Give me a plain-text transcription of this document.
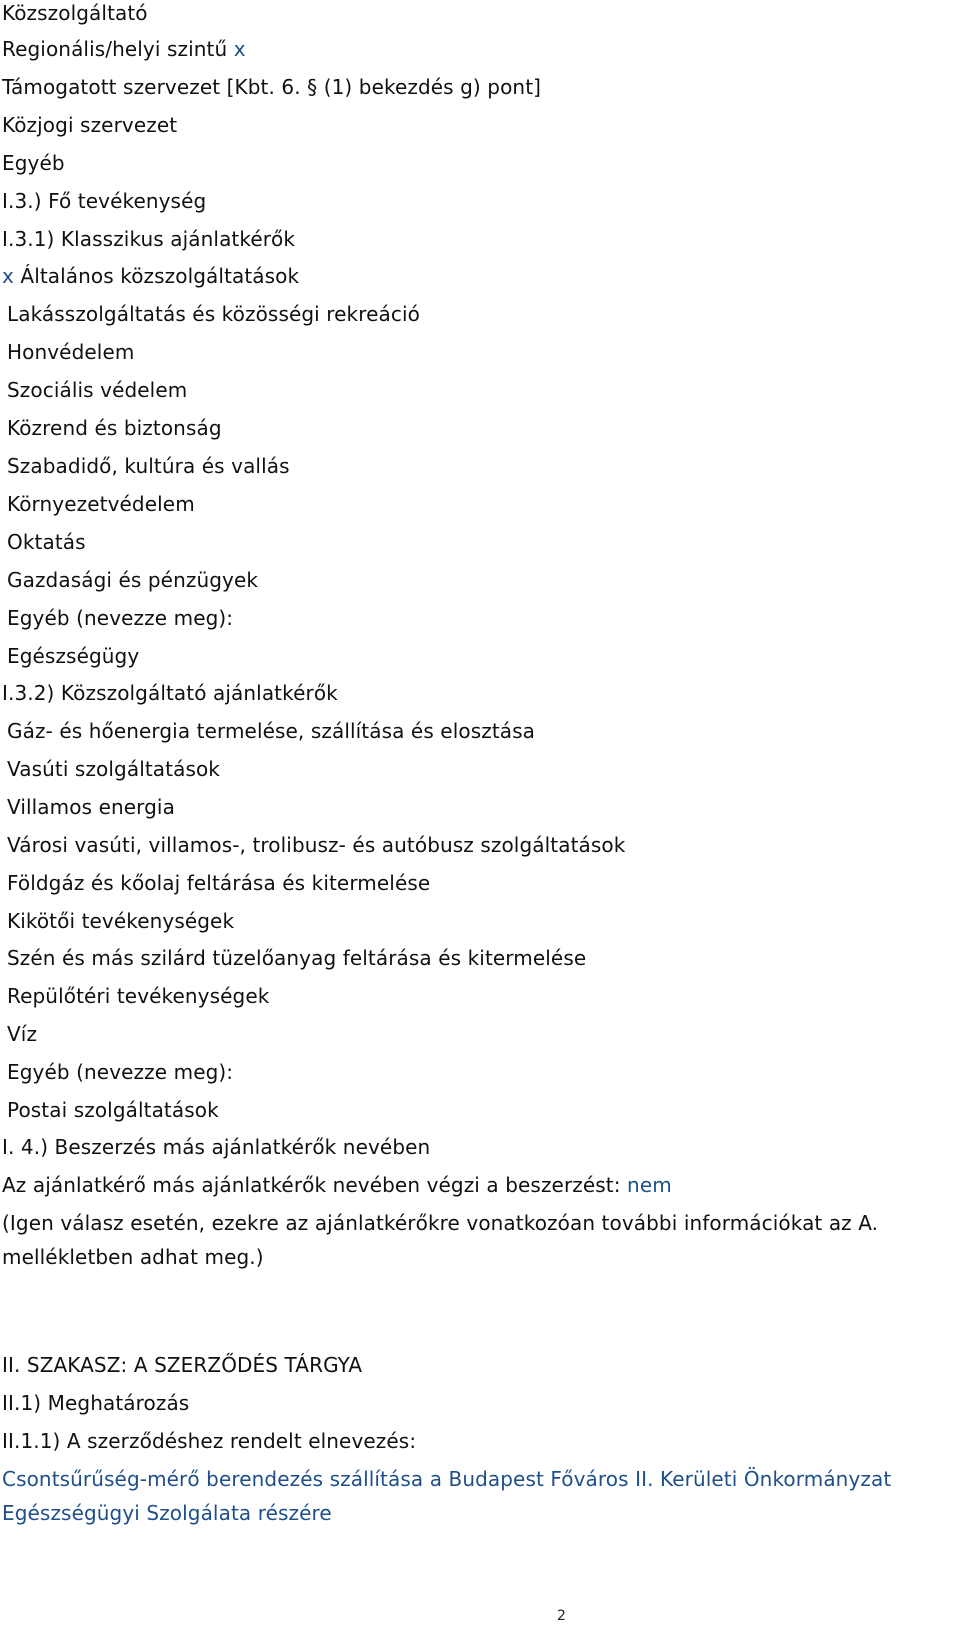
Közszolgáltató
Regionális/helyi szintű x
Támogatott szervezet [Kbt. 6. § (1) bekezdés g) pont]
Közjogi szervezet
Egyéb
I.3.) Fő tevékenység
I.3.1) Klasszikus ajánlatkérők
x Általános közszolgáltatások
Lakásszolgáltatás és közösségi rekreáció
Honvédelem
Szociális védelem
Közrend és biztonság
Szabadidő, kultúra és vallás
Környezetvédelem
Oktatás
Gazdasági és pénzügyek
Egyéb (nevezze meg):
Egészségügy
I.3.2) Közszolgáltató ajánlatkérők
Gáz- és hőenergia termelése, szállítása és elosztása
Vasúti szolgáltatások
Villamos energia
Városi vasúti, villamos-, trolibusz- és autóbusz szolgáltatások
Földgáz és kőolaj feltárása és kitermelése
Kikötői tevékenységek
Szén és más szilárd tüzelőanyag feltárása és kitermelése
Repülőtéri tevékenységek
Víz
Egyéb (nevezze meg):
Postai szolgáltatások
I. 4.) Beszerzés más ajánlatkérők nevében
Az ajánlatkérő más ajánlatkérők nevében végzi a beszerzést: nem
(Igen válasz esetén, ezekre az ajánlatkérőkre vonatkozóan további információkat az A. mellékletben adhat meg.)
II. SZAKASZ: A SZERZŐDÉS TÁRGYA
II.1) Meghatározás
II.1.1) A szerződéshez rendelt elnevezés:
Csontsűrűség-mérő berendezés szállítása a Budapest Főváros II. Kerületi Önkormányzat Egészségügyi Szolgálata részére
2
